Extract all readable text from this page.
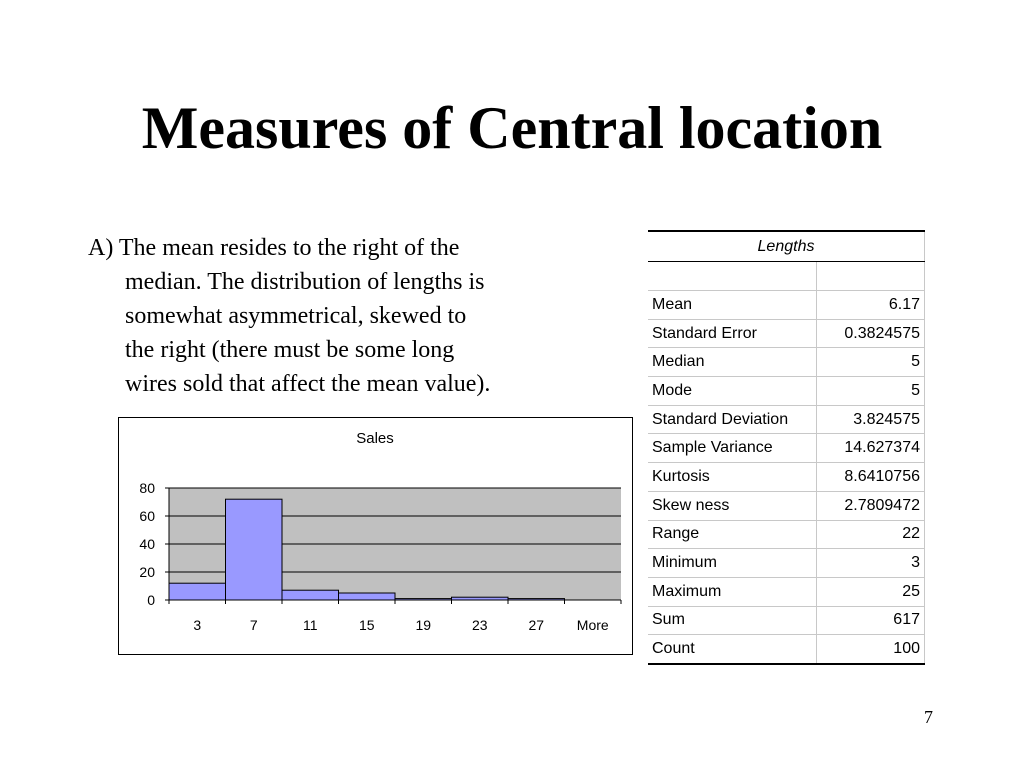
Measures of Central location
A) The mean resides to the right of the
median. The distribution of lengths is
somewhat asymmetrical, skewed to
the right (there must be some long
wires sold that affect the mean value).
0
20
40
60
80
3	7	11	15	19	23	27 More
Sales
Lengths	

Mean	6.17
Standard Error	0.3824575
Median	5
Mode	5
Standard Deviation	3.824575
Sample Variance	14.627374
Kurtosis	8.6410756
Skew ness	2.7809472
Range	22
Minimum	3
Maximum	25
Sum	617
Count	100
7
